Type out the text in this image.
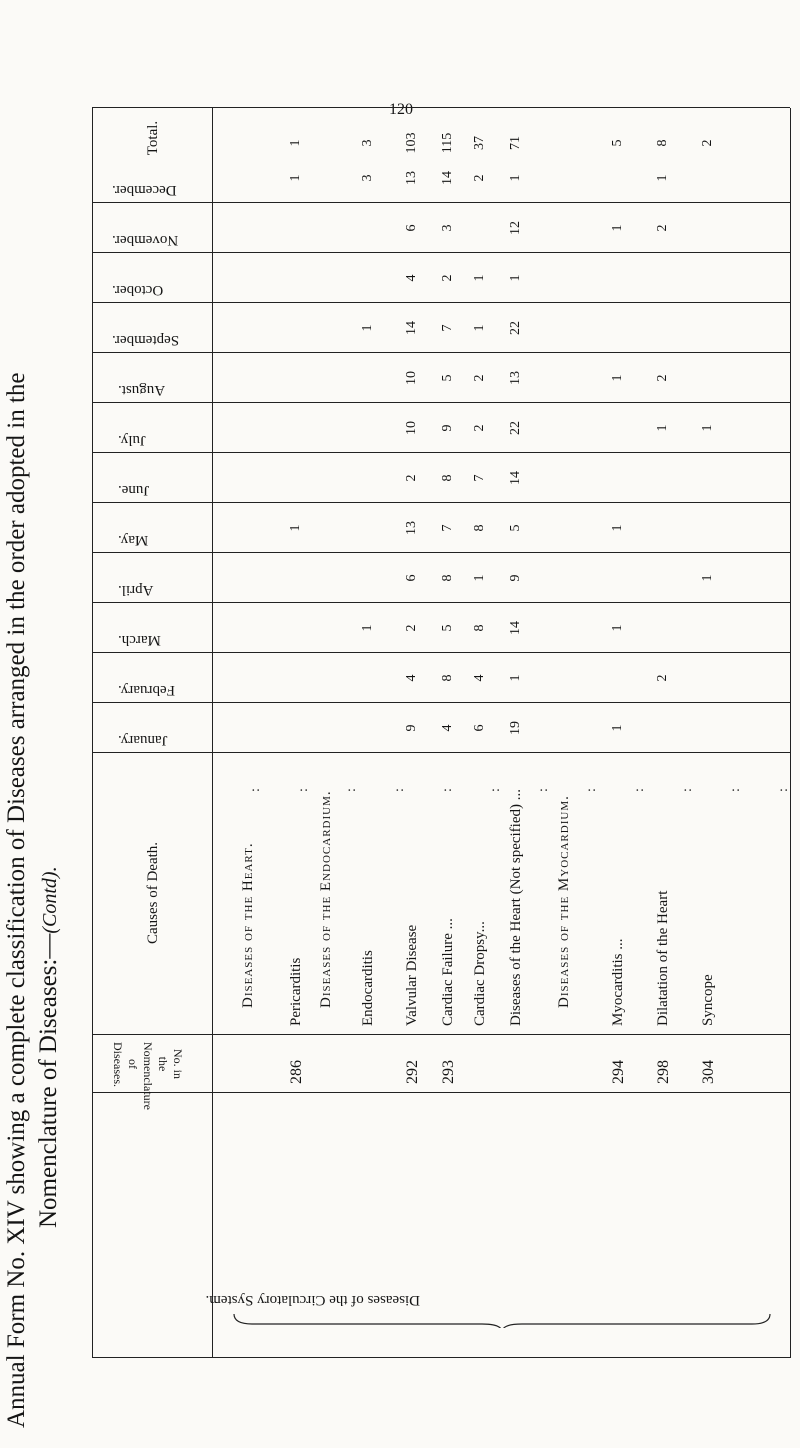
Annual Form No. XIV showing a complete classification of Diseases arranged in the order adopted in the Nomenclature of Diseases:—(Contd).
120
No. in the Nomenclature of Diseases.
Causes of Death.
January.
February.
March.
April.
May.
June.
July.
August.
September.
October.
November.
December.
Total.
Diseases of the Heart.
286
Pericarditis
1
1
1
Diseases of the Endocardium. Endocarditis
1
1
3
3
292
Valvular Disease
9
4
2
6
13
2
10
10
14
4
6
13
103
293
Cardiac Failure ...
4
8
5
8
7
8
9
5
7
2
3
14
115
Cardiac Dropsy...
6
4
8
1
8
7
2
2
1
1
2
37
Diseases of the Heart (Not specified) ...
19
1
14
9
5
14
22
13
22
1
12
1
71
Diseases of the Myocardium.
294
Myocarditis ...
1
1
1
1
1
5
298
Dilatation of the Heart
2
1
2
2
1
8
304
Syncope
1
1
2
Diseases of the Circulatory System.
: : : : : : : : : : : :
